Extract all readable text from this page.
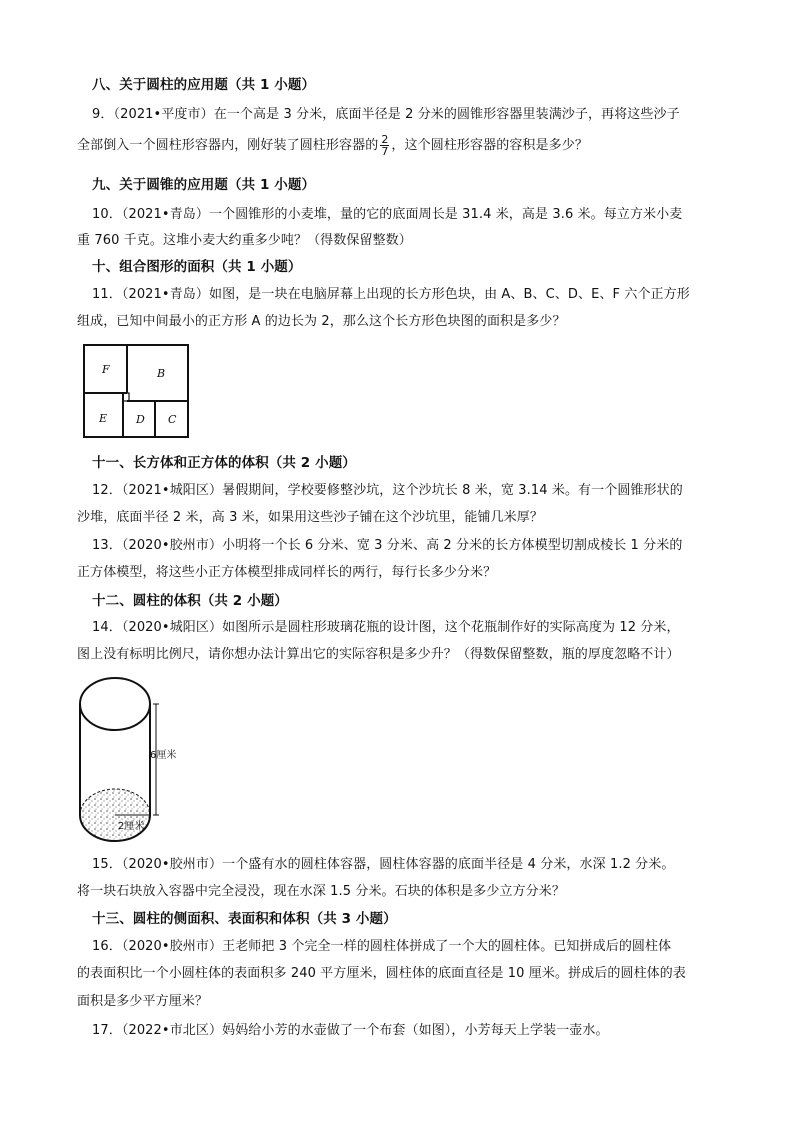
八、关于圆柱的应用题（共 1 小题）
9．（2021•平度市）在一个高是 3 分米，底面半径是 2 分米的圆锥形容器里装满沙子，再将这些沙子
全部倒入一个圆柱形容器内，刚好装了圆柱形容器的 $\frac{2}{7}$ ，这个圆柱形容器的容积是多少？
九、关于圆锥的应用题（共 1 小题）
10．（2021•青岛）一个圆锥形的小麦堆，量的它的底面周长是 31.4 米，高是 3.6 米。每立方米小麦
重 760 千克。这堆小麦大约重多少吨？（得数保留整数）
十、组合图形的面积（共 1 小题）
11．（2021•青岛）如图，是一块在电脑屏幕上出现的长方形色块，由 A、B、C、D、E、F 六个正方形
组成，已知中间最小的正方形 A 的边长为 2，那么这个长方形色块图的面积是多少？
F	B
E	D C
十一、长方体和正方体的体积（共 2 小题）
12．（2021•城阳区）暑假期间，学校要修整沙坑，这个沙坑长 8 米，宽 3.14 米。有一个圆锥形状的
沙堆，底面半径 2 米，高 3 米，如果用这些沙子铺在这个沙坑里，能铺几米厚？
13．（2020•胶州市）小明将一个长 6 分米、宽 3 分米、高 2 分米的长方体模型切割成棱长 1 分米的
正方体模型，将这些小正方体模型排成同样长的两行，每行长多少分米？
十二、圆柱的体积（共 2 小题）
14．（2020•城阳区）如图所示是圆柱形玻璃花瓶的设计图，这个花瓶制作好的实际高度为 12 分米，
图上没有标明比例尺，请你想办法计算出它的实际容积是多少升？（得数保留整数，瓶的厚度忽略不计）
6厘米
2厘米
15．（2020•胶州市）一个盛有水的圆柱体容器，圆柱体容器的底面半径是 4 分米，水深 1.2 分米。
将一块石块放入容器中完全浸没，现在水深 1.5 分米。石块的体积是多少立方分米？
十三、圆柱的侧面积、表面积和体积（共 3 小题）
16．（2020•胶州市）王老师把 3 个完全一样的圆柱体拼成了一个大的圆柱体。已知拼成后的圆柱体
的表面积比一个小圆柱体的表面积多 240 平方厘米，圆柱体的底面直径是 10 厘米。拼成后的圆柱体的表
面积是多少平方厘米？
17．（2022•市北区）妈妈给小芳的水壶做了一个布套（如图），小芳每天上学装一壶水。
